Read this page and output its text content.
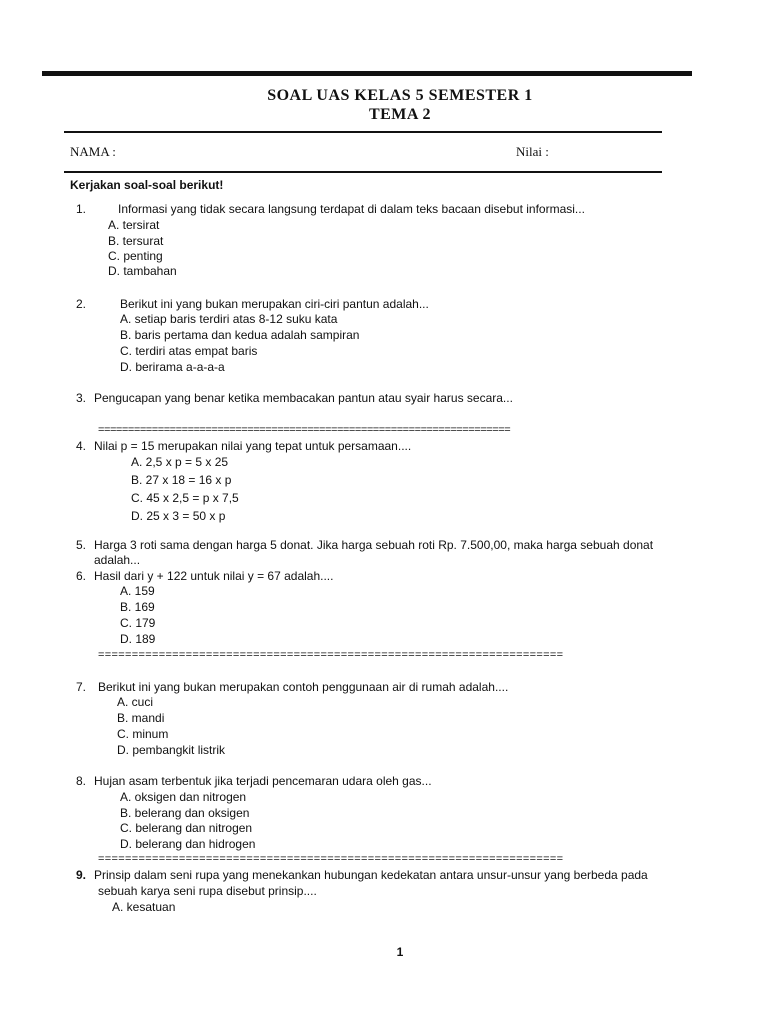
SOAL UAS KELAS 5 SEMESTER 1
TEMA 2
NAMA :	Nilai :
Kerjakan soal-soal berikut!
1.	Informasi yang tidak secara langsung terdapat di dalam teks bacaan disebut informasi...
A. tersirat
B. tersurat
C. penting
D. tambahan
2.	Berikut ini yang bukan merupakan ciri-ciri pantun adalah...
A. setiap baris terdiri atas 8-12 suku kata
B. baris pertama dan kedua adalah sampiran
C. terdiri atas empat baris
D. berirama a-a-a-a
3. Pengucapan yang benar ketika membacakan pantun atau syair harus secara...
=====================================================================
4. Nilai p = 15 merupakan nilai yang tepat untuk persamaan....
A. 2,5 x p = 5 x 25
B. 27 x 18 = 16 x p
C. 45 x 2,5 = p x 7,5
D. 25 x 3 = 50 x p
5. Harga 3 roti sama dengan harga 5 donat. Jika harga sebuah roti Rp. 7.500,00, maka harga sebuah donat
adalah...
6. Hasil dari y + 122 untuk nilai y = 67 adalah....
A. 159
B. 169
C. 179
D. 189
=====================================================================
7. Berikut ini yang bukan merupakan contoh penggunaan air di rumah adalah....
A. cuci
B. mandi
C. minum
D. pembangkit listrik
8. Hujan asam terbentuk jika terjadi pencemaran udara oleh gas...
A. oksigen dan nitrogen
B. belerang dan oksigen
C. belerang dan nitrogen
D. belerang dan hidrogen
=====================================================================
9. Prinsip dalam seni rupa yang menekankan hubungan kedekatan antara unsur-unsur yang berbeda pada
sebuah karya seni rupa disebut prinsip....
A. kesatuan
1
